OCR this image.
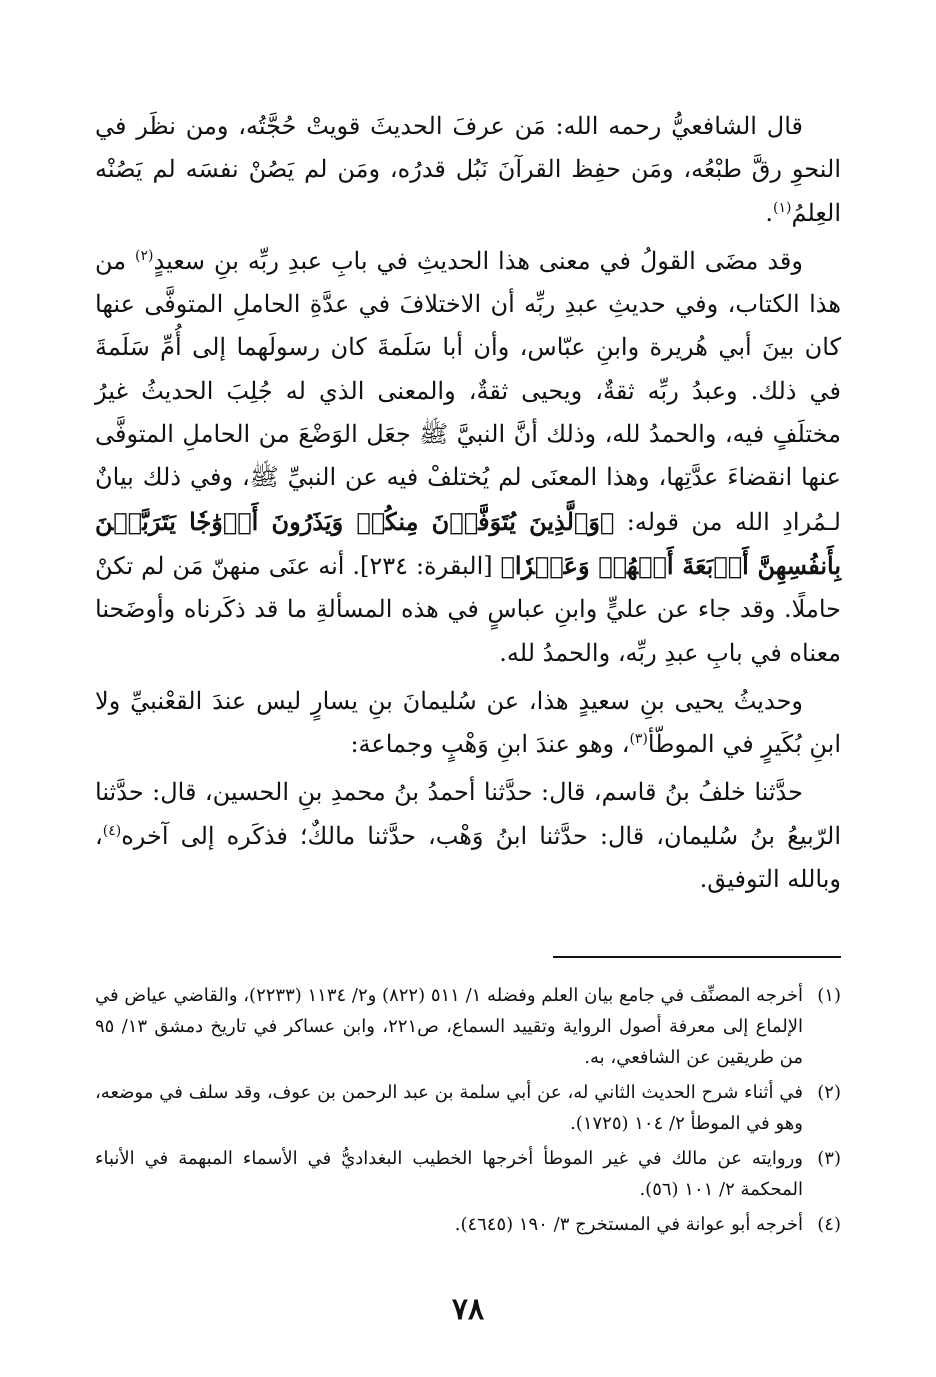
قال الشافعيُّ رحمه الله: مَن عرفَ الحديثَ قويتْ حُجَّتُه، ومن نظَر في النحوِ رقَّ طبْعُه، ومَن حفِظ القرآنَ نَبُل قدرُه، ومَن لم يَصُنْ نفسَه لم يَصُنْه العِلمُ$^{(١)}$.

وقد مضَى القولُ في معنى هذا الحديثِ في بابِ عبدِ ربِّه بنِ سعيدٍ$^{(٢)}$ من هذا الكتاب، وفي حديثِ عبدِ ربِّه أن الاختلافَ في عدَّةِ الحاملِ المتوفَّى عنها كان بينَ أبي هُريرة وابنِ عبّاس، وأن أبا سَلَمةَ كان رسولَهما إلى أُمِّ سَلَمةَ في ذلك. وعبدُ ربِّه ثقةٌ، ويحيى ثقةٌ، والمعنى الذي له جُلِبَ الحديثُ غيرُ مختلَفٍ فيه، والحمدُ لله، وذلك أنَّ النبيَّ ﷺ جعَل الوَضْعَ من الحاملِ المتوفَّى عنها انقضاءَ عدَّتِها، وهذا المعنَى لم يُختلفْ فيه عن النبيِّ ﷺ، وفي ذلك بيانٌ لـمُرادِ الله من قوله: ﴿وَٱلَّذِينَ يُتَوَفَّوۡنَ مِنكُمۡ وَيَذَرُونَ أَزۡوَٰجٗا يَتَرَبَّصۡنَ بِأَنفُسِهِنَّ أَرۡبَعَةَ أَشۡهُرٖ وَعَشۡرٗا﴾ [البقرة: ٢٣٤]. أنه عنَى منهنّ مَن لم تكنْ حاملًا. وقد جاء عن عليٍّ وابنِ عباسٍ في هذه المسألةِ ما قد ذكَرناه وأوضَحنا معناه في بابِ عبدِ ربِّه، والحمدُ لله.

وحديثُ يحيى بنِ سعيدٍ هذا، عن سُليمانَ بنِ يسارٍ ليس عندَ القعْنبيِّ ولا ابنِ بُكَيرٍ في الموطّأ$^{(٣)}$، وهو عندَ ابنِ وَهْبٍ وجماعة:

حدَّثنا خلفُ بنُ قاسم، قال: حدَّثنا أحمدُ بنُ محمدِ بنِ الحسين، قال: حدَّثنا الرّبيعُ بنُ سُليمان، قال: حدَّثنا ابنُ وَهْب، حدَّثنا مالكٌ؛ فذكَره إلى آخره$^{(٤)}$، وبالله التوفيق.

(١)
أخرجه المصنِّف في جامع بيان العلم وفضله ١/ ٥١١ (٨٢٢) و٢/ ١١٣٤ (٢٢٣٣)، والقاضي عياض في الإلماع إلى معرفة أصول الرواية وتقييد السماع، ص٢٢١، وابن عساكر في تاريخ دمشق ١٣/ ٩٥ من طريقين عن الشافعي، به.
(٢)
في أثناء شرح الحديث الثاني له، عن أبي سلمة بن عبد الرحمن بن عوف، وقد سلف في موضعه، وهو في الموطأ ٢/ ١٠٤ (١٧٢٥).
(٣)
وروايته عن مالك في غير الموطأ أخرجها الخطيب البغداديُّ في الأسماء المبهمة في الأنباء المحكمة ٢/ ١٠١ (٥٦).
(٤)
أخرجه أبو عوانة في المستخرج ٣/ ١٩٠ (٤٦٤٥).
٧٨
